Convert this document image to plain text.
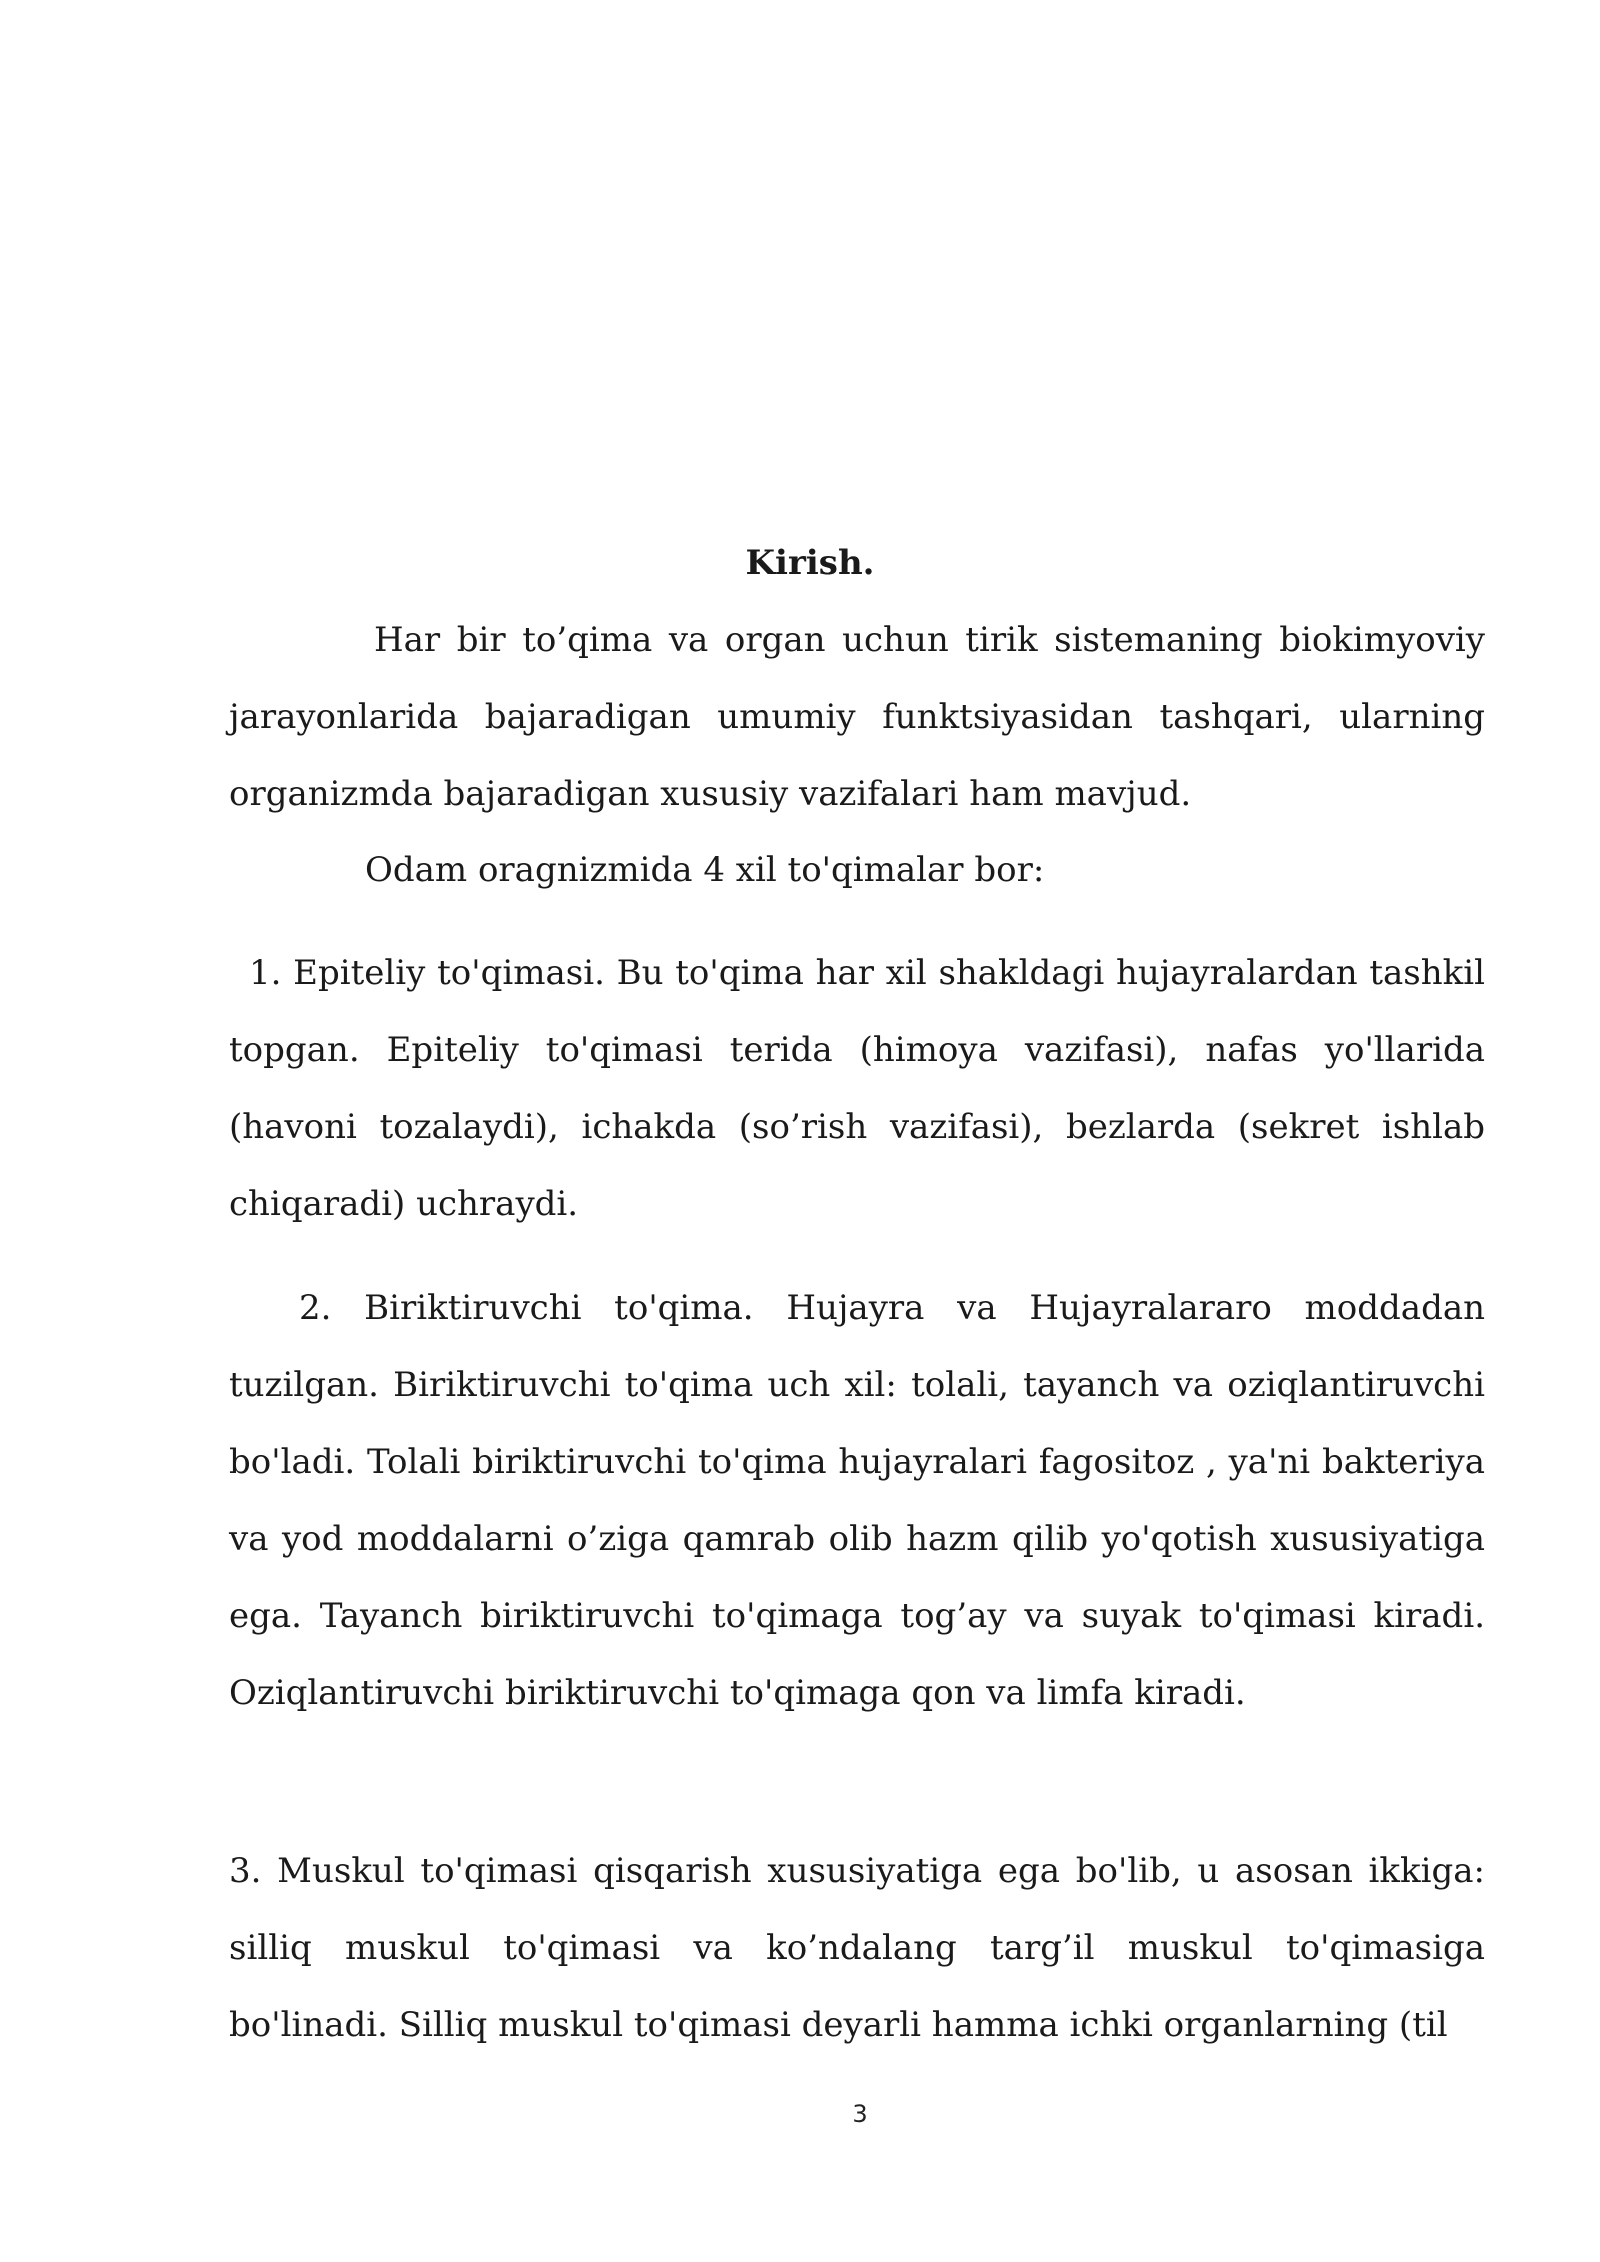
Kirish.

Har bir to’qima va organ uchun tirik sistemaning biokimyoviy jarayonlarida bajaradigan umumiy funktsiyasidan tashqari, ularning organizmda bajaradigan xususiy vazifalari ham mavjud.

Odam oragnizmida 4 xil to'qimalar bor:

1. Epiteliy to'qimasi. Bu to'qima har xil shakldagi hujayralardan tashkil topgan. Epiteliy to'qimasi terida (himoya vazifasi), nafas yo'llarida (havoni tozalaydi), ichakda (so’rish vazifasi), bezlarda (sekret ishlab chiqaradi) uchraydi.

2. Biriktiruvchi to'qima. Hujayra va Hujayralararo moddadan tuzilgan. Biriktiruvchi to'qima uch xil: tolali, tayanch va oziqlantiruvchi bo'ladi. Tolali biriktiruvchi to'qima hujayralari fagositoz , ya'ni bakteriya va yod moddalarni o’ziga qamrab olib hazm qilib yo'qotish xususiyatiga ega. Tayanch biriktiruvchi to'qimaga tog’ay va suyak to'qimasi kiradi. Oziqlantiruvchi biriktiruvchi to'qimaga qon va limfa kiradi.

3. Muskul to'qimasi qisqarish xususiyatiga ega bo'lib, u asosan ikkiga: silliq muskul to'qimasi va ko’ndalang targ’il muskul to'qimasiga bo'linadi. Silliq muskul to'qimasi deyarli hamma ichki organlarning (til

3
